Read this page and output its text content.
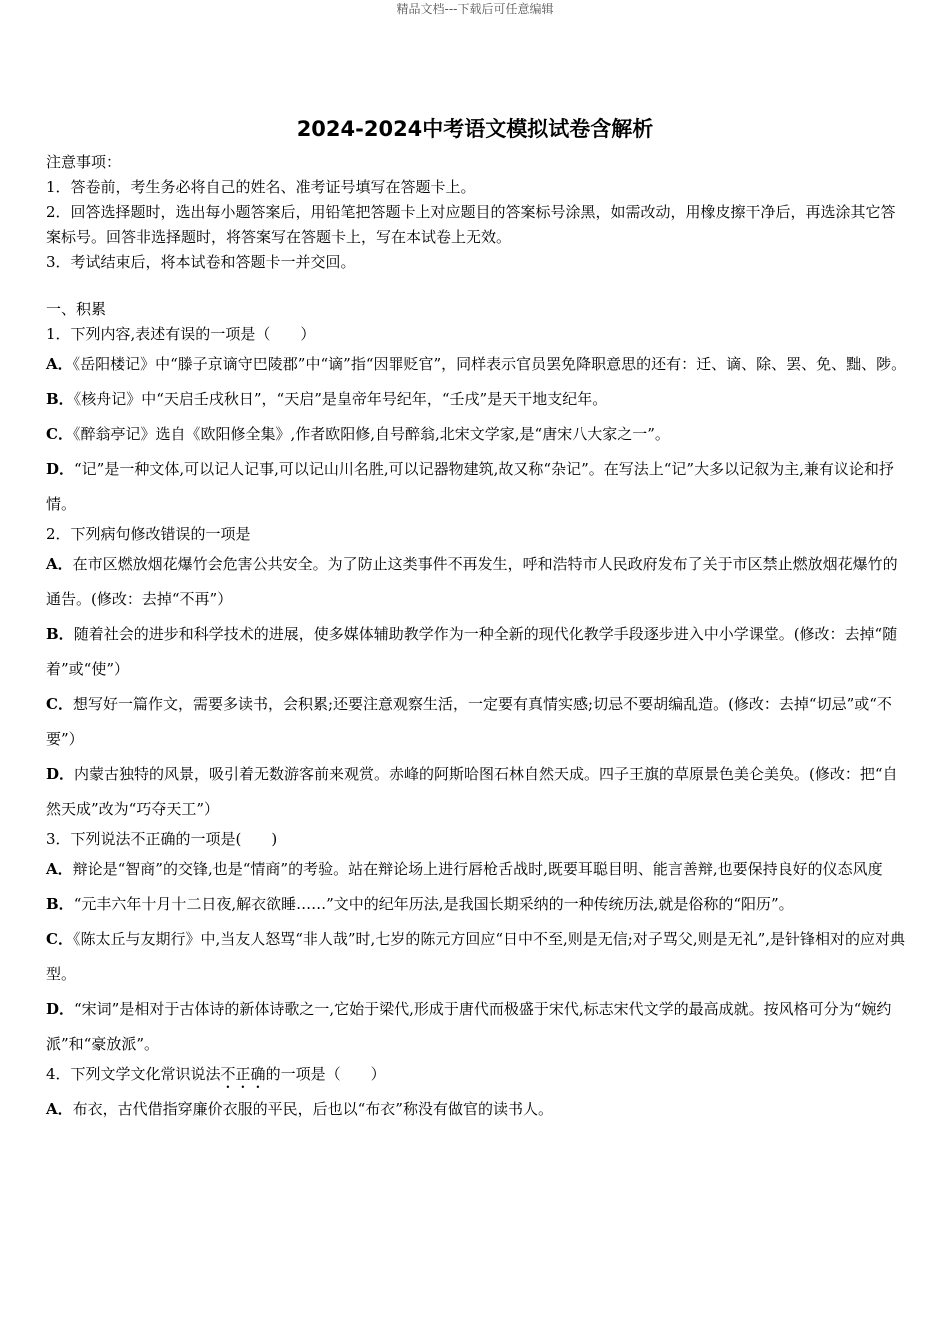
精品文档---下载后可任意编辑
2024-2024中考语文模拟试卷含解析

注意事项：

1．答卷前，考生务必将自己的姓名、准考证号填写在答题卡上。

2．回答选择题时，选出每小题答案后，用铅笔把答题卡上对应题目的答案标号涂黑，如需改动，用橡皮擦干净后，再选涂其它答案标号。回答非选择题时，将答案写在答题卡上，写在本试卷上无效。

3．考试结束后，将本试卷和答题卡一并交回。

一、积累

1．下列内容,表述有误的一项是（　　）

A．《岳阳楼记》中“滕子京谪守巴陵郡”中“谪”指“因罪贬官”，同样表示官员罢免降职意思的还有：迁、谪、除、罢、免、黜、陟。

B．《核舟记》中“天启壬戌秋日”，“天启”是皇帝年号纪年，“壬戌”是天干地支纪年。

C．《醉翁亭记》选自《欧阳修全集》,作者欧阳修,自号醉翁,北宋文学家,是“唐宋八大家之一”。

D．“记”是一种文体,可以记人记事,可以记山川名胜,可以记器物建筑,故又称“杂记”。在写法上“记”大多以记叙为主,兼有议论和抒情。

2．下列病句修改错误的一项是

A．在市区燃放烟花爆竹会危害公共安全。为了防止这类事件不再发生，呼和浩特市人民政府发布了关于市区禁止燃放烟花爆竹的通告。(修改：去掉“不再”）

B．随着社会的进步和科学技术的进展，使多媒体辅助教学作为一种全新的现代化教学手段逐步进入中小学课堂。(修改：去掉“随着”或“使”）

C．想写好一篇作文，需要多读书，会积累;还要注意观察生活，一定要有真情实感;切忌不要胡编乱造。(修改：去掉“切忌”或“不要”）

D．内蒙古独特的风景，吸引着无数游客前来观赏。赤峰的阿斯哈图石林自然天成。四子王旗的草原景色美仑美奂。(修改：把“自然天成”改为“巧夺天工”）

3．下列说法不正确的一项是(　　)

A．辩论是“智商”的交锋,也是“情商”的考验。站在辩论场上进行唇枪舌战时,既要耳聪目明、能言善辩,也要保持良好的仪态风度

B．“元丰六年十月十二日夜,解衣欲睡……”文中的纪年历法,是我国长期采纳的一种传统历法,就是俗称的“阳历”。

C．《陈太丘与友期行》中,当友人怒骂“非人哉”时,七岁的陈元方回应“日中不至,则是无信;对子骂父,则是无礼”,是针锋相对的应对典型。

D．“宋词”是相对于古体诗的新体诗歌之一,它始于梁代,形成于唐代而极盛于宋代,标志宋代文学的最高成就。按风格可分为“婉约派”和“豪放派”。

4．下列文学文化常识说法不正确的一项是（　　）

A．布衣，古代借指穿廉价衣服的平民，后也以“布衣”称没有做官的读书人。
